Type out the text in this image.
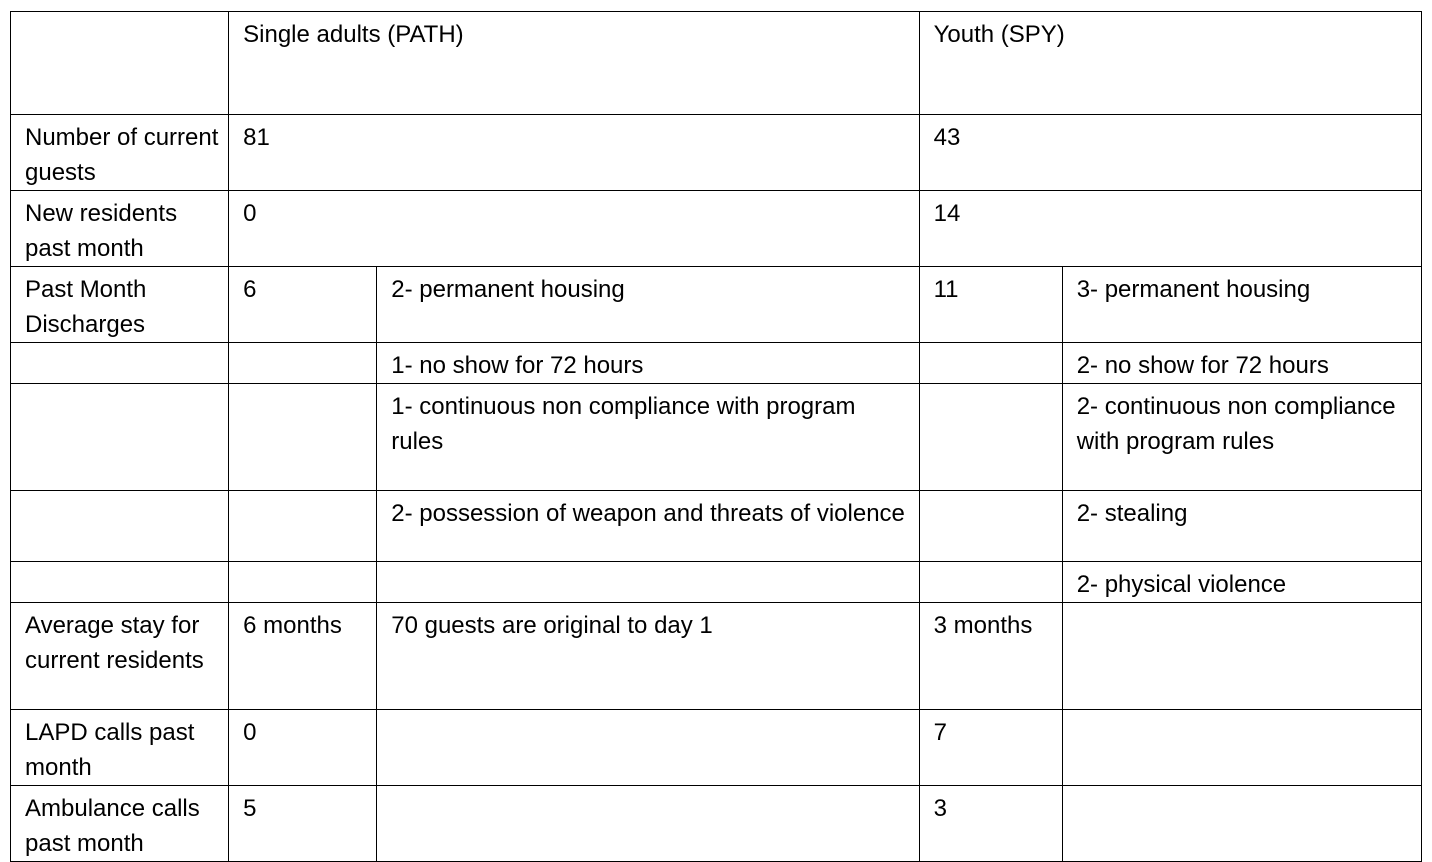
	Single adults (PATH)		Youth (SPY)	
Number of current guests	81		43	
New residents past month	0		14	
Past Month Discharges	6	2- permanent housing	11	3- permanent housing
		1- no show for 72 hours		2- no show for 72 hours
		1- continuous non compliance with program rules		2- continuous non compliance with program rules
		2- possession of weapon and threats of violence		2- stealing
				2- physical violence
Average stay for current residents	6 months	70 guests are original to day 1	3 months	
LAPD calls past month	0		7	
Ambulance calls past month	5		3	
